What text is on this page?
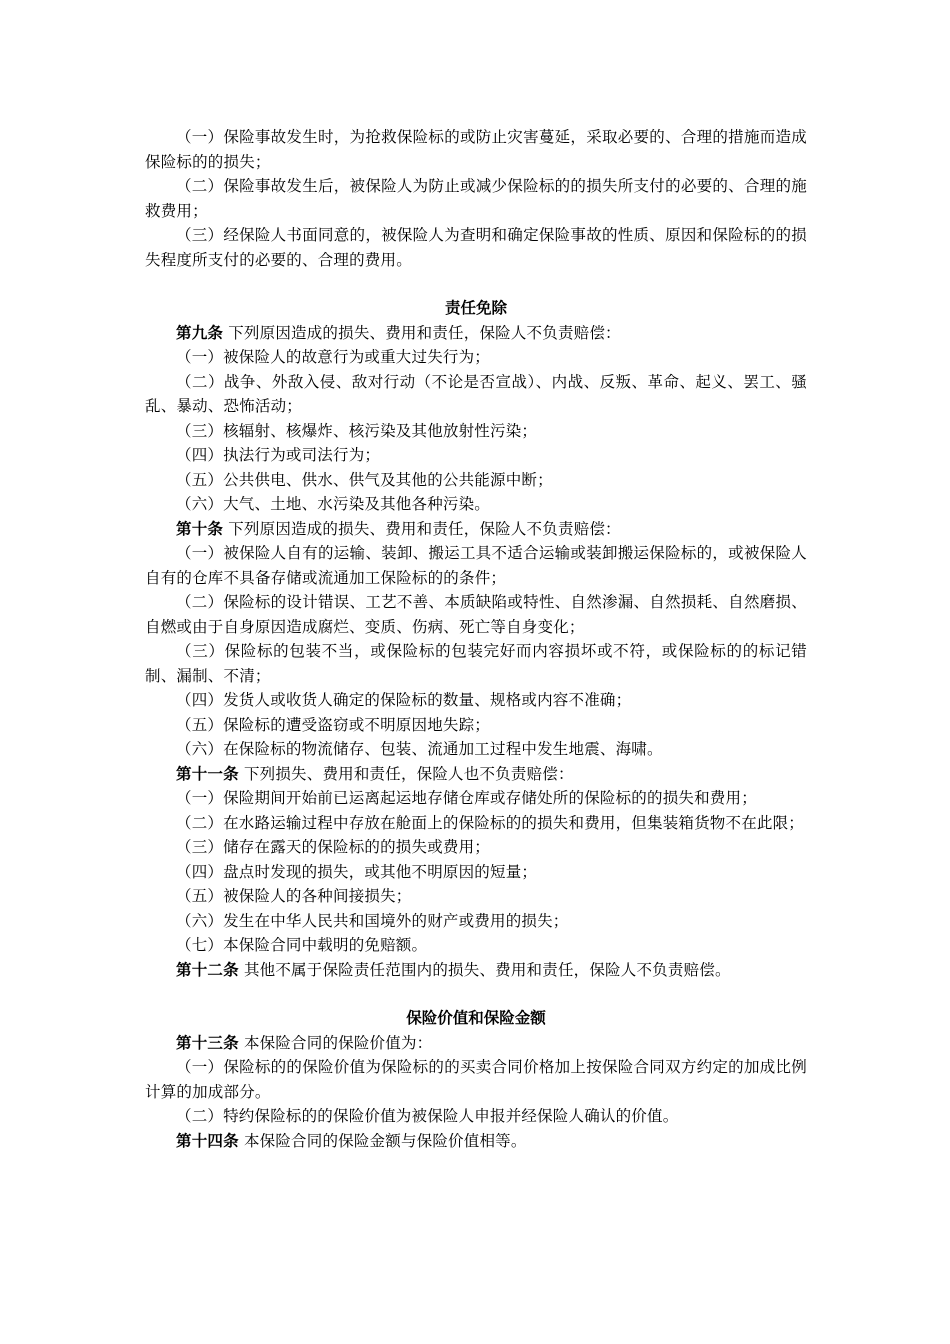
（一）保险事故发生时，为抢救保险标的或防止灾害蔓延，采取必要的、合理的措施而造成保险标的的损失；

（二）保险事故发生后，被保险人为防止或减少保险标的的损失所支付的必要的、合理的施救费用；

（三）经保险人书面同意的，被保险人为查明和确定保险事故的性质、原因和保险标的的损失程度所支付的必要的、合理的费用。

责任免除

第九条 下列原因造成的损失、费用和责任，保险人不负责赔偿：

（一）被保险人的故意行为或重大过失行为；

（二）战争、外敌入侵、敌对行动（不论是否宣战）、内战、反叛、革命、起义、罢工、骚乱、暴动、恐怖活动；

（三）核辐射、核爆炸、核污染及其他放射性污染；

（四）执法行为或司法行为；

（五）公共供电、供水、供气及其他的公共能源中断；

（六）大气、土地、水污染及其他各种污染。

第十条 下列原因造成的损失、费用和责任，保险人不负责赔偿：

（一）被保险人自有的运输、装卸、搬运工具不适合运输或装卸搬运保险标的，或被保险人自有的仓库不具备存储或流通加工保险标的的条件；

（二）保险标的设计错误、工艺不善、本质缺陷或特性、自然渗漏、自然损耗、自然磨损、自燃或由于自身原因造成腐烂、变质、伤病、死亡等自身变化；

（三）保险标的包装不当，或保险标的包装完好而内容损坏或不符，或保险标的的标记错制、漏制、不清；

（四）发货人或收货人确定的保险标的数量、规格或内容不准确；

（五）保险标的遭受盗窃或不明原因地失踪；

（六）在保险标的物流储存、包装、流通加工过程中发生地震、海啸。

第十一条 下列损失、费用和责任，保险人也不负责赔偿：

（一）保险期间开始前已运离起运地存储仓库或存储处所的保险标的的损失和费用；

（二）在水路运输过程中存放在舱面上的保险标的的损失和费用，但集装箱货物不在此限；

（三）储存在露天的保险标的的损失或费用；

（四）盘点时发现的损失，或其他不明原因的短量；

（五）被保险人的各种间接损失；

（六）发生在中华人民共和国境外的财产或费用的损失；

（七）本保险合同中载明的免赔额。

第十二条 其他不属于保险责任范围内的损失、费用和责任，保险人不负责赔偿。

保险价值和保险金额

第十三条 本保险合同的保险价值为：

（一）保险标的的保险价值为保险标的的买卖合同价格加上按保险合同双方约定的加成比例计算的加成部分。

（二）特约保险标的的保险价值为被保险人申报并经保险人确认的价值。

第十四条 本保险合同的保险金额与保险价值相等。
